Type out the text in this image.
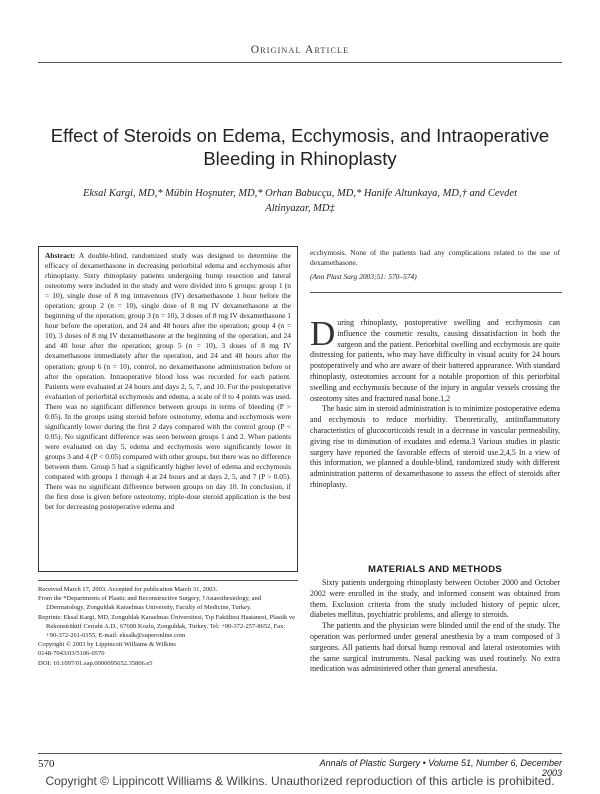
Original Article
Effect of Steroids on Edema, Ecchymosis, and Intraoperative Bleeding in Rhinoplasty
Eksal Kargi, MD,* Mübin Hoşnuter, MD,* Orhan Babucçu, MD,* Hanife Altunkaya, MD,† and Cevdet Altinyazar, MD‡
Abstract: A double-blind, randomized study was designed to determine the efficacy of dexamethasone in decreasing periorbital edema and ecchymosis after rhinoplasty. Sixty rhinoplasty patients undergoing hump resection and lateral osteotomy were included in the study and were divided into 6 groups: group 1 (n = 10), single dose of 8 mg intravenous (IV) dexamethasone 1 hour before the operation; group 2 (n = 10), single dose of 8 mg IV dexamethasone at the beginning of the operation; group 3 (n = 10), 3 doses of 8 mg IV dexamethasone 1 hour before the operation, and 24 and 48 hours after the operation; group 4 (n = 10), 3 doses of 8 mg IV dexamethasone at the beginning of the operation, and 24 and 48 hour after the operation; group 5 (n = 10), 3 doses of 8 mg IV dexamethasone immediately after the operation, and 24 and 48 hours after the operation; group 6 (n = 10), control, no dexamethasone administration before or after the operation. Intraoperative blood loss was recorded for each patient. Patients were evaluated at 24 hours and days 2, 5, 7, and 10. For the postoperative evaluation of periorbital ecchymosis and edema, a scale of 0 to 4 points was used. There was no significant difference between groups in terms of bleeding (P > 0.05). In the groups using steroid before osteotomy, edema and ecchymosis were significantly lower during the first 2 days compared with the control group (P < 0.05). No significant difference was seen between groups 1 and 2. When patients were evaluated on day 5, edema and ecchymosis were significantly lower in groups 3 and 4 (P < 0.05) compared with other groups, but there was no difference between them. Group 5 had a significantly higher level of edema and ecchymosis compared with groups 1 through 4 at 24 hours and at days 2, 5, and 7 (P > 0.05). There was no significant difference between groups on day 10. In conclusion, if the first dose is given before osteotomy, triple-dose steroid application is the best bet for decreasing postoperative edema and
ecchymosis. None of the patients had any complications related to the use of dexamethasone.
(Ann Plast Surg 2003;51: 570–574)

During rhinoplasty, postoperative swelling and ecchymosis can influence the cosmetic results, causing dissatisfaction in both the surgeon and the patient. Periorbital swelling and ecchymosis are quite distressing for patients, who may have difficulty in visual acuity for 24 hours postoperatively and who are aware of their battered appearance. With standard rhinoplasty, osteotomies account for a notable proportion of this periorbital swelling and ecchymosis because of the injury in angular vessels crossing the osteotomy sites and fractured nasal bone.1,2

The basic aim in steroid administration is to minimize postoperative edema and ecchymosis to reduce morbidity. Theoretically, antiinflammatory characteristics of glucocorticoids result in a decrease in vascular permeability, giving rise to diminution of exudates and edema.3 Various studies in plastic surgery have reported the favorable effects of steroid use.2,4,5 In a view of this information, we planned a double-blind, randomized study with different administration patterns of dexamethasone to assess the effect of steroids after rhinoplasty.

MATERIALS AND METHODS

Sixty patients undergoing rhinoplasty between October 2000 and October 2002 were enrolled in the study, and informed consent was obtained from them. Exclusion criteria from the study included history of peptic ulcer, diabetes mellitus, psychiatric problems, and allergy to steroids.

The patients and the physician were blinded until the end of the study. The operation was performed under general anesthesia by a team composed of 3 surgeons. All patients had dorsal hump removal and lateral osteotomies with the same surgical instruments. Nasal packing was used routinely. No extra medication was administered other than general anesthesia.

Received March 17, 2003. Accepted for publication March 31, 2003.
From the *Departments of Plastic and Reconstructive Surgery, †Anaesthesiology, and ‡Dermatology, Zonguldak Karaelmas University, Faculty of Medicine, Turkey.
Reprints: Eksal Kargi, MD, Zonguldak Karaelmas Üniversitesi, Tıp Fakültesi Hastanesi, Plastik ve Rekonstrüktif Cerrahi A.D., 67600 Kozlu, Zonguldak, Turkey. Tel: +90-372-257-8652, Fax: +90-372-261-0155, E-mail: eksalk@superonline.com
Copyright © 2003 by Lippincott Williams & Wilkins
0148-7043/03/5106-0570
DOI: 10.1097/01.sap.0000095652.35806.e5
570	Annals of Plastic Surgery • Volume 51, Number 6, December 2003
Copyright © Lippincott Williams & Wilkins. Unauthorized reproduction of this article is prohibited.
